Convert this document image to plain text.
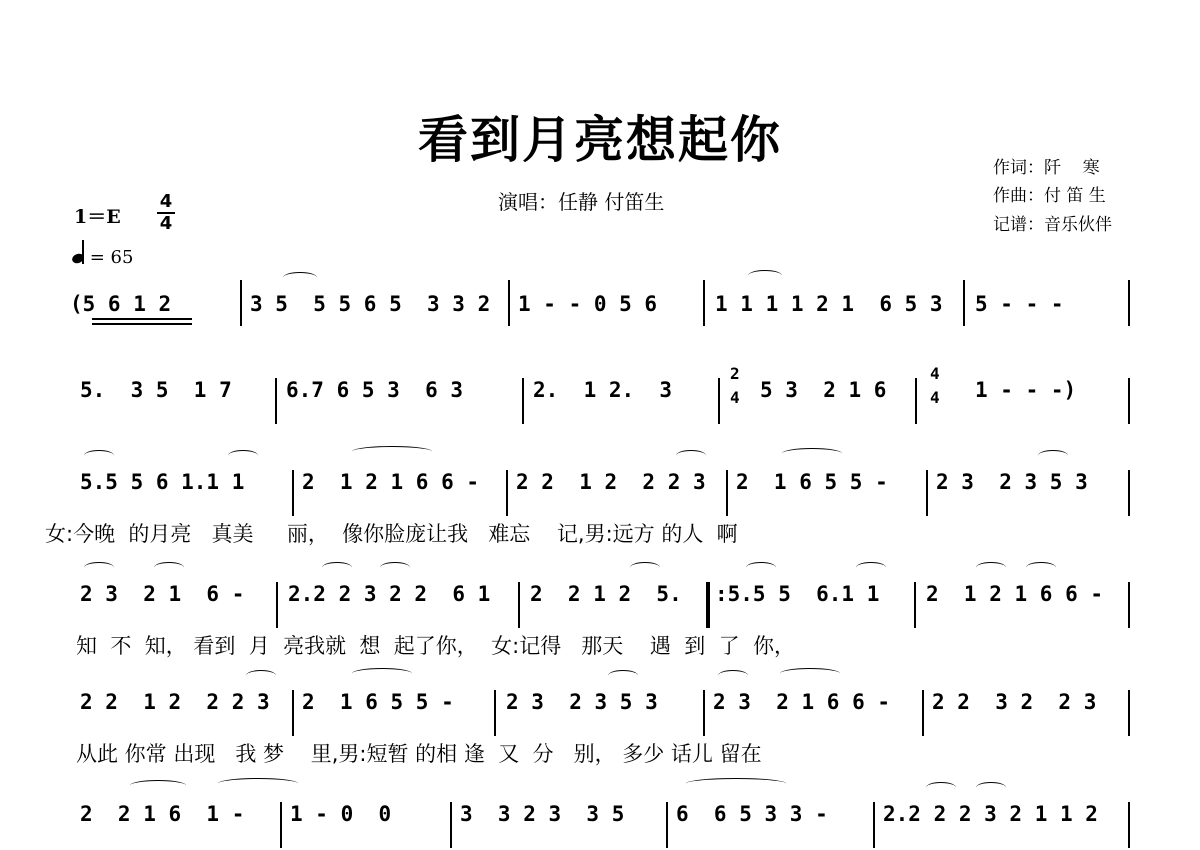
看到月亮想起你
演唱：任静 付笛生
作词：阡    寒
作曲：付 笛 生
记谱：音乐伙伴
1＝E
4
4
= 65
(5 6 1 2	3 5  5 5 6 5  3 3 2 1 - - 0 5 6	1 1 1 1 2 1  6 5 3 5 - - -
5.  3 5  1 7	6.7 6 5 3  6 3	2.  1 2.  3
2
4 5 3  2 1 6
4
4 1 - - -)
5.5 5 6 1.1 1	2  1 2 1 6 6 - 2 2  1 2  2 2 3 2  1 6 5 5 - 2 3  2 3 5 3
女:今晚  的月亮   真美     丽，  像你脸庞让我   难忘    记,男:远方 的人  啊
2 3  2 1  6 - 2.2 2 3 2 2  6 1 2  2 1 2  5. :5.5 5  6.1 1 2  1 2 1 6 6 -
知  不  知， 看到  月  亮我就  想  起了你，  女:记得   那天    遇  到  了  你，
2 2  1 2  2 2 3 2  1 6 5 5 - 2 3  2 3 5 3	2 3  2 1 6 6 - 2 2  3 2  2 3
从此 你常 出现   我 梦    里,男:短暂 的相 逢  又  分   别， 多少 话儿 留在
2  2 1 6  1 - 1 - 0  0	3  3 2 3  3 5 6  6 5 3 3 -	2.2 2 2 3 2 1 1 2
